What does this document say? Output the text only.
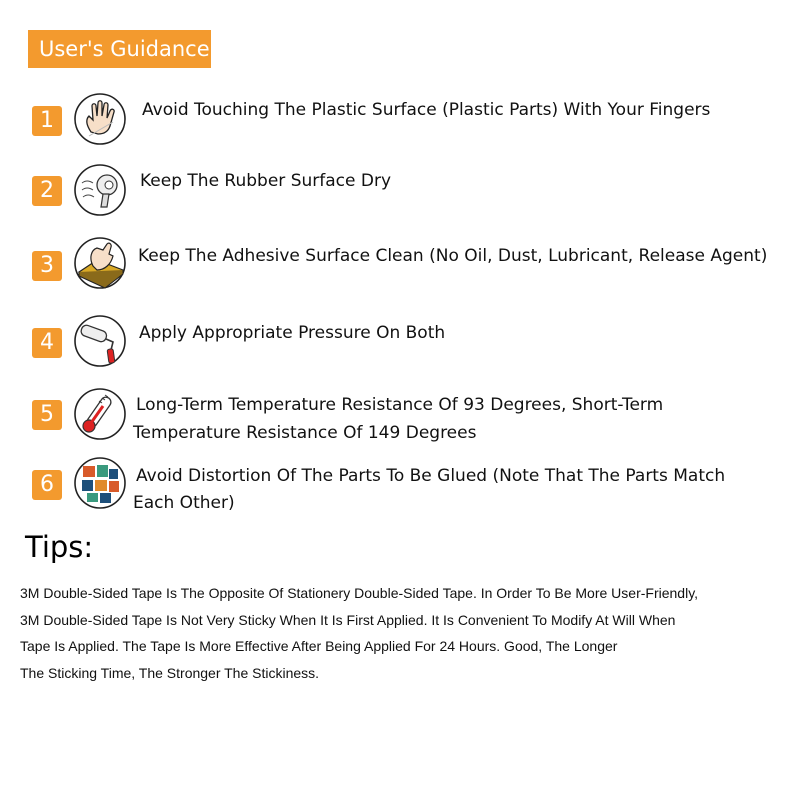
User's Guidance
1	Avoid Touching The Plastic Surface (Plastic Parts) With Your Fingers
2	Keep The Rubber Surface Dry
3	Keep The Adhesive Surface Clean (No Oil, Dust, Lubricant, Release Agent)
4	Apply Appropriate Pressure On Both
5	Long-Term Temperature Resistance Of 93 Degrees, Short-Term
Temperature Resistance Of 149 Degrees
6	Avoid Distortion Of The Parts To Be Glued (Note That The Parts Match
Each Other)
Tips:
3M Double-Sided Tape Is The Opposite Of Stationery Double-Sided Tape. In Order To Be More User-Friendly,
3M Double-Sided Tape Is Not Very Sticky When It Is First Applied. It Is Convenient To Modify At Will When
Tape Is Applied. The Tape Is More Effective After Being Applied For 24 Hours. Good, The Longer
The Sticking Time, The Stronger The Stickiness.
